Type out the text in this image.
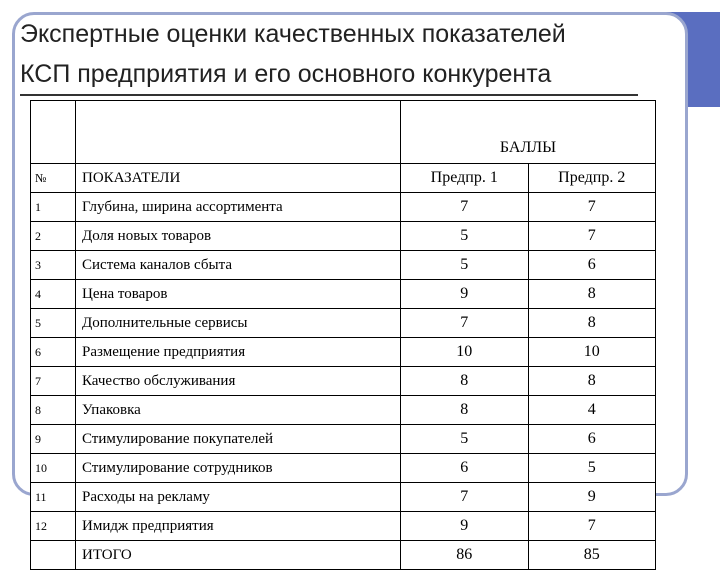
Экспертные оценки качественных показателей
КСП предприятия и его основного конкурента
		БАЛЛЫ	
№	ПОКАЗАТЕЛИ	Предпр. 1	Предпр. 2
1	Глубина, ширина ассортимента	7	7
2	Доля новых товаров	5	7
3	Система каналов сбыта	5	6
4	Цена товаров	9	8
5	Дополнительные сервисы	7	8
6	Размещение предприятия	10	10
7	Качество обслуживания	8	8
8	Упаковка	8	4
9	Стимулирование покупателей	5	6
10	Стимулирование сотрудников	6	5
11	Расходы на рекламу	7	9
12	Имидж предприятия	9	7
	ИТОГО	86	85
